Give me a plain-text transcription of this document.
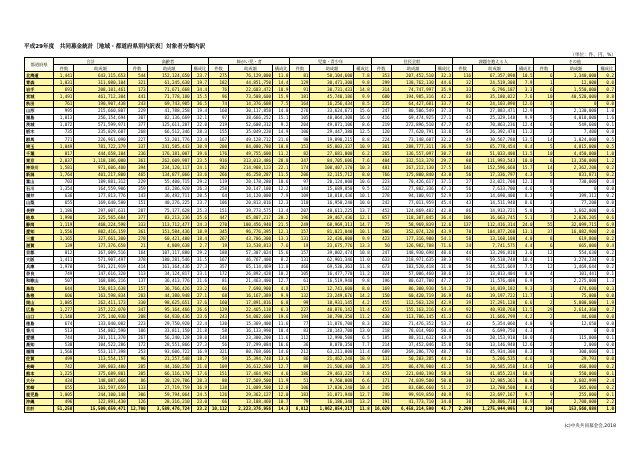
平成29年度　共同募金統計［地域・都道府県別内訳表］対象者分類内訳
（単位：件、円、%）
都道府県	合計		高齢者			障がい児・者			児童・青少年			住民全般			課題を抱える人			その他		
	件数	助成額	件数	助成額	構成比	件数	助成額	構成比	件数	助成額	構成比	件数	助成額	構成比	件数	助成額	構成比	件数	助成額	構成比
北海道	1,441	643,115,653	544	152,124,650	23.7	275	76,129,000	11.8	81	50,104,600	7.8	353	207,452,510	32.3	116	67,357,890	10.5	6	1,340,000	0.2
青森	1,031	311,080,104	321	61,245,630	19.7	182	44,851,750	14.4	129	30,471,300	9.8	299	138,762,130	44.6	32	24,519,300	7.9	1	12,000	0.0
岩手	693	208,101,461	173	71,671,668	34.4	76	22,603,472	10.9	91	30,731,433	14.8	314	74,747,997	35.9	33	6,796,187	3.3	6	1,550,000	0.7
宮城	1,491	461,712,304	441	71,778,180	15.5	96	73,508,600	15.9	181	45,740,186	9.9	680	194,985,316	42.2	83	35,180,022	7.6	10	40,520,000	8.8
秋田	761	190,907,438	243	69,743,905	36.5	74	14,376,608	7.5	164	16,256,434	8.5	235	64,427,601	33.7	42	24,103,890	12.6	3	0	0.0
山形	995	215,660,807	229	41,788,258	19.4	160	30,117,858	14.0	276	33,624,671	15.6	247	80,506,549	37.3	76	27,883,471	12.9	7	2,130,000	1.0
福島	1,013	256,154,694	307	82,136,669	32.1	97	38,666,252	15.1	105	40,864,308	16.0	416	69,474,925	27.1	43	25,329,140	9.9	5	4,010,000	1.6
茨城	1,072	571,599,971	377	125,611,207	22.0	219	52,608,312	9.2	204	49,071,106	8.6	219	272,896,510	47.7	47	70,863,236	12.4	6	549,600	0.1
栃木	735	235,029,607	268	66,512,346	28.3	155	35,049,220	14.9	106	29,447,380	12.5	120	77,620,791	33.0	54	26,392,470	11.2	2	7,400	0.0
群馬	771	226,961,090	227	53,201,776	23.4	167	49,128,712	21.6	90	19,890,215	8.8	224	73,148,607	32.2	49	30,567,780	13.5	14	1,024,000	0.5
埼玉	1,049	781,722,379	337	241,585,443	30.9	200	84,080,780	10.8	153	85,003,337	10.9	301	288,777,311	36.9	53	65,778,454	8.4	5	4,015,000	0.5
千葉	817	444,658,104	236	176,181,007	39.6	176	49,755,600	11.2	82	27,681,000	6.2	265	136,557,097	30.7	48	51,033,400	11.5	10	4,450,000	1.0
東京	2,037	1,118,186,000	361	262,609,987	23.5	916	313,013,486	28.0	347	84,705,606	7.6	404	332,513,378	29.7	80	111,993,543	10.0	6	13,350,000	1.2
神奈川	1,581	971,606,400	394	234,120,117	24.1	282	214,908,123	22.1	174	100,407,170	10.3	481	267,212,130	27.5	146	152,596,660	15.7	14	2,362,200	0.2
新潟	1,764	401,217,800	465	134,877,066	33.6	266	46,258,287	11.5	206	32,115,712	8.0	766	175,800,840	43.8	56	17,336,797	4.3	5	831,871	0.2
富山	703	189,881,312	229	55,400,715	29.2	119	20,178,280	10.6	97	20,124,000	10.6	223	70,426,617	37.1	27	23,021,700	12.1	8	730,000	0.4
石川	1,354	164,559,906	359	43,286,920	26.3	258	20,147,100	12.2	144	15,689,850	9.5	532	77,802,336	47.3	56	7,633,700	4.6	5	0	0.0
福井	636	177,813,776	143	36,492,711	20.5	64	14,120,000	7.9	109	18,010,436	10.1	278	94,100,917	52.9	33	14,690,400	8.3	9	399,312	0.2
山梨	655	169,640,580	151	40,276,225	23.7	106	20,813,016	12.3	110	16,950,240	10.0	242	77,011,959	45.4	43	14,511,940	8.6	3	77,200	0.0
長野	1,186	297,007,631	287	75,177,628	25.3	151	39,773,575	13.4	207	40,611,225	13.7	452	124,869,482	42.0	86	14,913,721	5.0	3	1,662,000	0.6
岐阜	1,990	325,565,684	377	83,213,236	25.6	447	65,807,217	20.2	196	39,467,436	12.1	857	118,387,845	36.4	106	16,663,745	5.1	7	2,026,205	0.6
静岡	1,119	468,224,598	333	113,712,477	24.3	270	100,456,940	21.5	249	68,969,313	14.7	75	58,969,839	12.6	137	112,416,314	24.0	55	32,099,715	6.9
愛知	1,556	802,416,159	361	151,584,436	18.9	345	96,776,395	12.1	157	81,021,040	10.1	586	352,074,128	43.9	70	104,877,260	13.1	37	16,082,900	2.0
三重	1,165	327,661,300	278	60,421,400	18.4	267	43,706,300	13.3	131	32,436,800	9.9	423	177,316,900	54.1	58	13,160,100	4.0	8	619,800	0.2
滋賀	139	177,376,650	21	4,809,638	2.7	19	13,538,813	7.6	19	23,675,776	13.3	50	126,982,708	71.6	24	7,741,575	4.4	6	665,000	0.4
京都	812	367,009,516	164	107,117,880	29.2	188	57,307,024	15.6	157	39,802,474	10.8	247	148,930,698	40.6	44	13,296,810	3.6	12	554,630	0.2
大阪	1,411	571,907,497	378	180,281,546	31.5	167	46,767,400	8.2	131	62,901,346	11.0	633	218,971,635	38.3	91	59,518,748	10.4	11	3,274,234	0.6
兵庫	1,978	591,321,919	414	161,164,436	27.3	357	65,114,469	11.0	466	69,536,363	11.8	673	183,520,418	31.0	56	44,521,669	7.5	12	1,469,644	0.2
奈良	749	147,616,320	113	34,124,817	23.1	172	26,892,428	18.2	105	16,477,770	11.2	324	57,006,460	38.6	31	13,013,404	8.8	4	101,441	0.1
和歌山	507	168,886,216	137	36,413,776	21.6	81	21,463,400	12.7	61	16,519,940	9.8	196	80,637,700	47.7	27	11,576,400	6.9	5	2,275,000	1.3
鳥取	644	158,813,638	157	36,766,426	23.2	66	7,690,900	4.8	117	12,741,600	8.0	169	86,300,930	54.3	70	14,839,182	9.3	3	474,600	0.3
島根	606	163,598,834	203	44,380,948	27.1	68	16,167,389	9.9	132	23,249,676	14.2	150	60,420,719	36.9	46	19,197,722	11.7	1	75,000	0.0
岡山	1,085	262,411,173	330	98,625,651	37.6	160	17,891,816	6.8	99	10,931,145	4.2	455	112,563,128	42.9	39	17,291,120	6.6	2	5,000,000	1.9
広島	1,277	357,222,070	347	95,164,466	26.6	129	22,465,118	6.3	227	40,876,142	11.4	453	155,163,216	43.4	92	40,938,768	11.5	29	2,614,360	0.7
山口	1,140	275,140,930	208	64,930,436	23.6	243	54,002,600	19.6	194	30,790,350	11.2	430	113,706,145	41.3	63	11,666,799	4.2	2	44,600	0.0
徳島	674	133,040,082	223	29,750,920	22.4	130	15,369,400	11.6	77	11,076,700	8.3	202	71,476,352	53.7	42	5,354,060	4.0	0	12,650	0.0
香川	513	154,802,590	106	33,811,150	21.8	58	16,133,990	10.4	83	20,143,700	13.0	218	78,014,960	50.4	44	6,699,750	4.3	4	0	0.0
愛媛	744	201,111,370	267	56,240,128	28.0	148	23,300,200	11.6	112	12,990,500	6.5	185	88,311,632	43.9	26	20,153,910	10.0	6	115,000	0.1
高知	530	104,522,286	172	28,551,866	27.3	56	17,299,084	16.6	36	8,070,350	7.7	214	37,452,046	35.8	50	13,146,940	12.6	2	2,000	0.0
福岡	1,566	553,117,398	253	93,606,722	16.9	321	80,768,606	14.6	212	63,211,000	11.4	689	269,286,770	48.7	83	45,934,300	8.3	8	300,000	0.1
佐賀	499	113,554,157	96	21,257,548	18.7	59	15,394,748	13.6	86	21,462,248	18.9	131	50,203,285	44.2	14	5,206,535	4.6	3	29,793	0.0
長崎	742	209,803,400	205	44,160,250	21.0	109	26,612,500	12.7	89	21,506,400	10.3	275	86,478,900	41.2	54	30,585,350	14.6	10	460,000	0.2
熊本	1,225	375,689,801	385	66,116,170	17.6	151	17,464,992	4.6	186	29,463,225	7.8	453	221,040,190	58.8	50	41,055,224	10.9	0	550,000	0.1
大分	434	148,087,066	86	30,129,706	20.3	88	17,569,500	11.9	51	9,760,000	6.6	171	74,039,500	50.0	30	12,985,361	8.8	8	3,602,999	2.4
宮崎	655	163,597,659	133	27,719,759	16.9	138	21,009,500	12.8	106	17,036,240	10.4	245	83,686,660	51.2	27	13,780,500	8.4	6	365,000	0.2
鹿児島	1,005	244,100,148	306	59,794,064	24.5	126	29,362,127	12.0	183	31,071,940	12.7	290	99,919,850	40.9	91	23,697,167	9.7	9	255,000	0.1
沖縄	496	122,891,430	126	28,316,210	23.0	66	13,108,460	10.7	79	16,186,340	13.2	191	41,773,710	34.0	30	20,806,710	16.9	4	2,700,000	2.2
合計	51,258	15,509,659,471	12,700	3,589,476,724	23.2	10,112	2,223,376,956	14.3	6,812	1,962,054,317	11.8	16,029	6,458,214,590	41.7	2,299	1,275,944,995	8.2	304	153,560,888	1.0
(c)中央共同募金会,2018
